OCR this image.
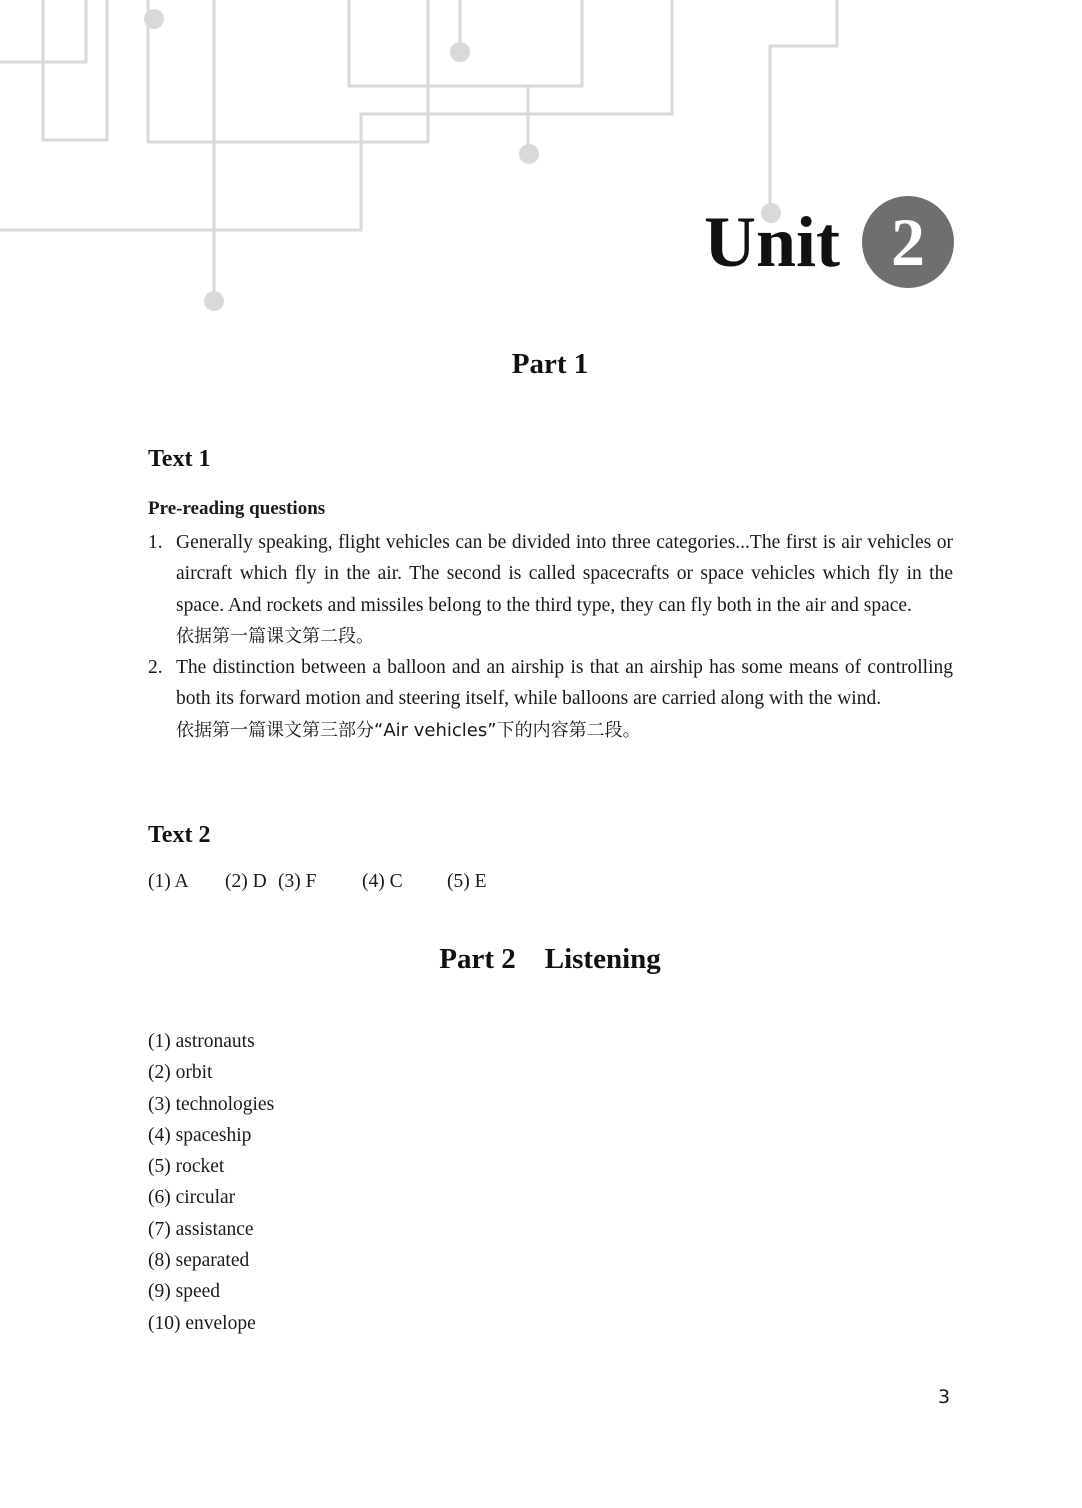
Unit 2
Part 1
Text 1
Pre-reading questions
1. Generally speaking, flight vehicles can be divided into three categories...The first is air vehicles or aircraft which fly in the air. The second is called spacecrafts or space vehicles which fly in the space. And rockets and missiles belong to the third type, they can fly both in the air and space.
依据第一篇课文第二段。
2. The distinction between a balloon and an airship is that an airship has some means of controlling both its forward motion and steering itself, while balloons are carried along with the wind.
依据第一篇课文第三部分“Air vehicles”下的内容第二段。
Text 2
(1) A (2) D (3) F (4) C (5) E
Part 2    Listening
(1) astronauts
(2) orbit
(3) technologies
(4) spaceship
(5) rocket
(6) circular
(7) assistance
(8) separated
(9) speed
(10) envelope
3
